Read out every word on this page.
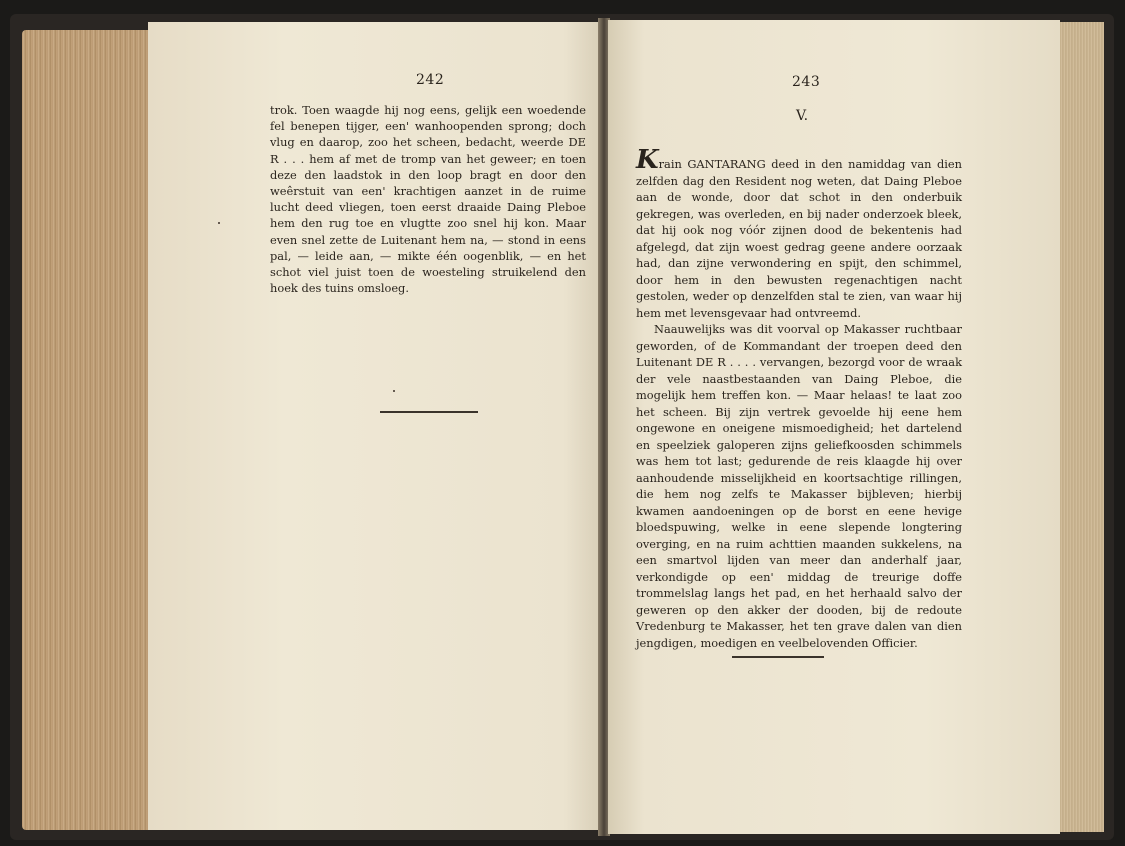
242

trok. Toen waagde hij nog eens, gelijk een woedende fel benepen tijger, een' wanhoopenden sprong; doch vlug en daarop, zoo het scheen, bedacht, weerde DE R . . . hem af met de tromp van het geweer; en toen deze den laadstok in den loop bragt en door den weêrstuit van een' krachtigen aanzet in de ruime lucht deed vliegen, toen eerst draaide Daing Pleboe hem den rug toe en vlugtte zoo snel hij kon. Maar even snel zette de Luitenant hem na, — stond in eens pal, — leide aan, — mikte één oogenblik, — en het schot viel juist toen de woesteling struikelend den hoek des tuins omsloeg.

243
V.

Krain GANTARANG deed in den namiddag van dien zelfden dag den Resident nog weten, dat Daing Pleboe aan de wonde, door dat schot in den onderbuik gekregen, was overleden, en bij nader onderzoek bleek, dat hij ook nog vóór zijnen dood de bekentenis had afgelegd, dat zijn woest gedrag geene andere oorzaak had, dan zijne verwondering en spijt, den schimmel, door hem in den bewusten regenachtigen nacht gestolen, weder op denzelfden stal te zien, van waar hij hem met levensgevaar had ontvreemd.

Naauwelijks was dit voorval op Makasser ruchtbaar geworden, of de Kommandant der troepen deed den Luitenant DE R . . . . vervangen, bezorgd voor de wraak der vele naastbestaanden van Daing Pleboe, die mogelijk hem treffen kon. — Maar helaas! te laat zoo het scheen. Bij zijn vertrek gevoelde hij eene hem ongewone en oneigene mismoedigheid; het dartelend en speelziek galoperen zijns geliefkoosden schimmels was hem tot last; gedurende de reis klaagde hij over aanhoudende misselijkheid en koortsachtige rillingen, die hem nog zelfs te Makasser bijbleven; hierbij kwamen aandoeningen op de borst en eene hevige bloedspuwing, welke in eene slepende longtering overging, en na ruim achttien maanden sukkelens, na een smartvol lijden van meer dan anderhalf jaar, verkondigde op een' middag de treurige doffe trommelslag langs het pad, en het herhaald salvo der geweren op den akker der dooden, bij de redoute Vredenburg te Makasser, het ten grave dalen van dien jengdigen, moedigen en veelbelovenden Officier.
